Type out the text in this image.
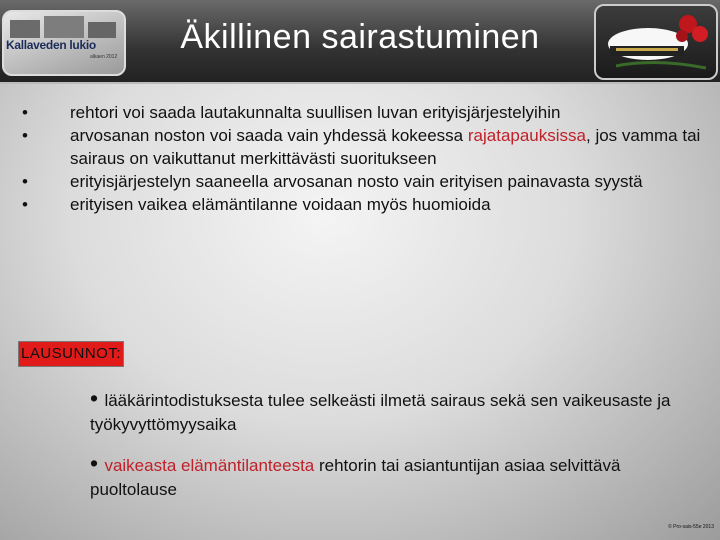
Kallaveden lukio
alkaen 2012
Äkillinen sairastuminen
• rehtori voi saada lautakunnalta suullisen luvan erityisjärjestelyihin
• arvosanan noston voi saada vain yhdessä kokeessa rajatapauksissa, jos vamma tai sairaus on vaikuttanut merkittävästi suoritukseen
• erityisjärjestelyn saaneella arvosanan nosto vain erityisen painavasta syystä
• erityisen vaikea elämäntilanne voidaan myös huomioida
LAUSUNNOT:
• lääkärintodistuksesta tulee selkeästi ilmetä sairaus sekä sen vaikeusaste ja työkyvyttömyysaika
• vaikeasta elämäntilanteesta rehtorin tai asiantuntijan asiaa selvittävä puoltolause
© Pro-sais-55e 2013
